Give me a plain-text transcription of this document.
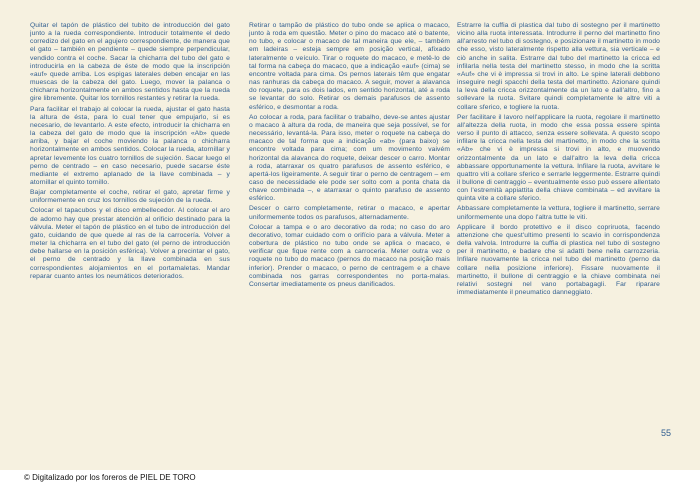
Quitar el tapón de plástico del tubito de introducción del gato junto a la rueda correspondiente. Introducir totalmente el dedo corredizo del gato en el agujero correspondiente, de manera que el gato – también en pendiente – quede siempre perpendicular, vendido contra el coche. Sacar la chicharra del tubo del gato e introducirla en la cabeza de éste de modo que la inscripción «auf» quede arriba. Los espigas laterales deben encajar en las muescas de la cabeza del gato. Luego, mover la palanca o chicharra horizontalmente en ambos sentidos hasta que la rueda gire libremente. Quitar los tornillos restantes y retirar la rueda.

Para facilitar el trabajo al colocar la rueda, ajustar el gato hasta la altura de ésta, para lo cual tener que empujarlo, si es necesario, de levantarlo. A este efecto, introducir la chicharra en la cabeza del gato de modo que la inscripción «Ab» quede arriba, y bajar el coche moviendo la palanca o chicharra horizontalmente en ambos sentidos. Colocar la rueda, atornillar y apretar levemente los cuatro tornillos de sujeción. Sacar luego el perno de centrado – en caso necesario, puede sacarse éste mediante el extremo aplanado de la llave combinada – y atornillar el quinto tornillo.

Bajar completamente el coche, retirar el gato, apretar firme y uniformemente en cruz los tornillos de sujeción de la rueda.

Colocar el tapacubos y el disco embellecedor. Al colocar el aro de adorno hay que prestar atención al orificio destinado para la válvula. Meter el tapón de plástico en el tubo de introducción del gato, cuidando de que quede al ras de la carrocería. Volver a meter la chicharra en el tubo del gato (el perno de introducción debe hallarse en la posición esférica). Volver a precintar el gato, el perno de centrado y la llave combinada en sus correspondientes alojamientos en el portamaletas. Mandar reparar cuanto antes los neumáticos deteriorados.

Retirar o tampão de plástico do tubo onde se aplica o macaco, junto à roda em questão. Meter o pino do macaco até o batente, no tubo, e colocar o macaco de tal maneira que ele, – também em ladeiras – esteja sempre em posição vertical, afixado lateralmente o veículo. Tirar o roquete do macaco, e metê-lo de tal forma na cabeça do macaco, que a indicação «auf» (cima) se encontre voltada para cima. Os pernos laterais têm que engatar nas ranhuras da cabeça do macaco. A seguir, mover a alavanca do roquete, para os dois lados, em sentido horizontal, até a roda se levantar do solo. Retirar os demais parafusos de assento esférico, e desmontar a roda.

Ao colocar a roda, para facilitar o trabalho, deve-se antes ajustar o macaco à altura da roda, de maneira que seja possível, se for necessário, levantá-la. Para isso, meter o roquete na cabeça do macaco de tal forma que a indicação «ab» (para baixo) se encontre voltada para cima; com um movimento vaivém horizontal da alavanca do roquete, deixar descer o carro. Montar a roda, atarraxar os quatro parafusos de assento esférico, e apertá-los ligeiramente. A seguir tirar o perno de centragem – em caso de necessidade ele pode ser solto com a ponta chata da chave combinada –, e atarraxar o quinto parafuso de assento esférico.

Descer o carro completamente, retirar o macaco, e apertar uniformemente todos os parafusos, alternadamente.

Colocar a tampa e o aro decorativo da roda; no caso do aro decorativo, tomar cuidado com o orifício para a válvula. Meter a cobertura de plástico no tubo onde se aplica o macaco, e verificar que fique rente com a carroceria. Meter outra vez o roquete no tubo do macaco (pernos do macaco na posição mais inferior). Prender o macaco, o perno de centragem e a chave combinada nos garras correspondentes no porta-malas. Consertar imediatamente os pneus danificados.

Estrarre la cuffia di plastica dal tubo di sostegno per il martinetto vicino alla ruota interessata. Introdurre il perno del martinetto fino all'arresto nel tubo di sostegno, e posizionare il martinetto in modo che esso, visto lateralmente rispetto alla vettura, sia verticale – e ciò anche in salita. Estrarre dal tubo del martinetto la cricca ed infilarla nella testa del martinetto stesso, in modo che la scritta «Auf» che vi è impressa si trovi in alto. Le spine laterali debbono inseguire negli spacchi della testa del martinetto. Azionare quindi la leva della cricca orizzontalmente da un lato e dall'altro, fino a sollevare la ruota. Svitare quindi completamente le altre viti a collare sferico, e togliere la ruota.

Per facilitare il lavoro nell'applicare la ruota, regolare il martinetto all'altezza della ruota, in modo che essa possa essere spinta verso il punto di attacco, senza essere sollevata. A questo scopo infilare la cricca nella testa del martinetto, in modo che la scritta «Ab» che vi è impressa si trovi in alto, e muovendo orizzontalmente da un lato e dall'altro la leva della cricca abbassare opportunamente la vettura. Infilare la ruota, avvitare le quattro viti a collare sferico e serrarle leggermente. Estrarre quindi il bullone di centraggio – eventualmente esso può essere allentato con l'estremità appiattita della chiave combinata – ed avvitare la quinta vite a collare sferico.

Abbassare completamente la vettura, togliere il martinetto, serrare uniformemente una dopo l'altra tutte le viti.

Applicare il bordo protettivo e il disco copriruota, facendo attenzione che quest'ultimo presenti lo scavio in corrispondenza della valvola. Introdurre la cuffia di plastica nel tubo di sostegno per il martinetto, e badare che si adatti bene nella carrozzeria. Infilare nuovamente la cricca nel tubo del martinetto (perno da collare nella posizione inferiore). Fissare nuovamente il martinetto, il bullone di centraggio e la chiave combinata nei relativi sostegni nel vano portabagagli. Far riparare immediatamente il pneumatico danneggiato.

55
© Digitalizado por los foreros de PIEL DE TORO
